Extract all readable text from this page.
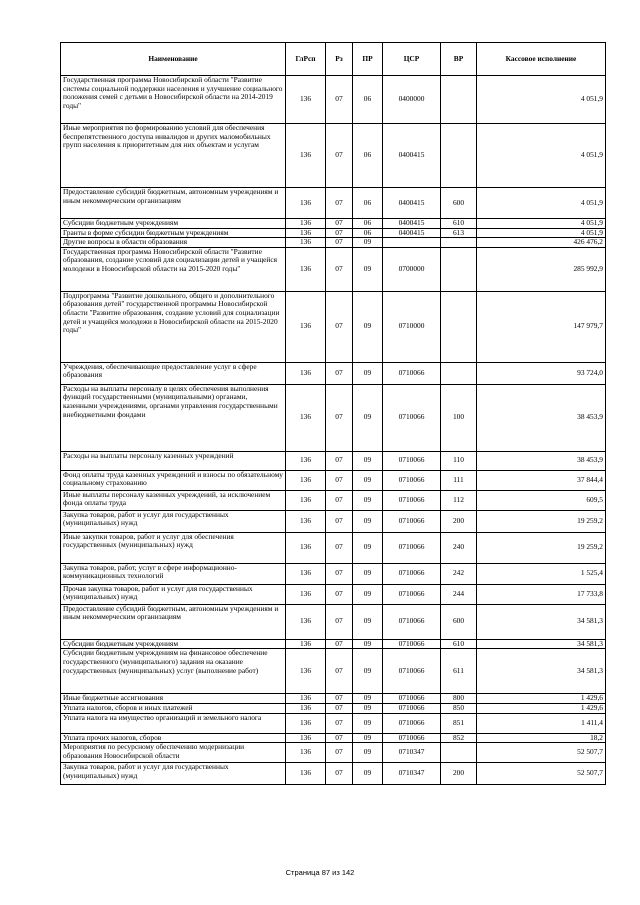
Наименование	ГлРсп	Рз	ПР	ЦСР	ВР	Кассовое исполнение
Государственная программа Новосибирской области "Развитие системы социальной поддержки населения и улучшение социального положения семей с детьми в Новосибирской области на 2014-2019 годы"	136	07	06	0400000		4 051,9
Иные мероприятия по формированию условий для обеспечения беспрепятственного доступа инвалидов и других маломобильных групп населения к приоритетным для них объектам и услугам	136	07	06	0400415		4 051,9
Предоставление субсидий бюджетным, автономным учреждениям и иным некоммерческим организациям	136	07	06	0400415	600	4 051,9
Субсидии бюджетным учреждениям	136	07	06	0400415	610	4 051,9
Гранты в форме субсидии бюджетным учреждениям	136	07	06	0400415	613	4 051,9
Другие вопросы в области образования	136	07	09			426 476,2
Государственная программа Новосибирской области "Развитие образования, создание условий для социализации детей и учащейся молодежи в Новосибирской области на 2015-2020 годы"	136	07	09	0700000		285 992,9
Подпрограмма "Развитие дошкольного, общего и дополнительного образования детей" государственной программы Новосибирской области "Развитие образования, создание условий для социализации детей и учащейся молодежи в Новосибирской области на 2015-2020 годы"	136	07	09	0710000		147 979,7
Учреждения, обеспечивающие предоставление услуг в сфере образования	136	07	09	0710066		93 724,0
Расходы на выплаты персоналу в целях обеспечения выполнения функций государственными (муниципальными) органами, казенными учреждениями, органами управления государственными внебюджетными фондами	136	07	09	0710066	100	38 453,9
Расходы на выплаты персоналу казенных учреждений	136	07	09	0710066	110	38 453,9
Фонд оплаты труда казенных учреждений и взносы по обязательному социальному страхованию	136	07	09	0710066	111	37 844,4
Иные выплаты персоналу казенных учреждений, за исключением фонда оплаты труда	136	07	09	0710066	112	609,5
Закупка товаров, работ и услуг для государственных (муниципальных) нужд	136	07	09	0710066	200	19 259,2
Иные закупки товаров, работ и услуг для обеспечения государственных (муниципальных) нужд	136	07	09	0710066	240	19 259,2
Закупка товаров, работ, услуг в сфере информационно-коммуникационных технологий	136	07	09	0710066	242	1 525,4
Прочая закупка товаров, работ и услуг для государственных (муниципальных) нужд	136	07	09	0710066	244	17 733,8
Предоставление субсидий бюджетным, автономным учреждениям и иным некоммерческим организациям	136	07	09	0710066	600	34 581,3
Субсидии бюджетным учреждениям	136	07	09	0710066	610	34 581,3
Субсидии бюджетным учреждениям на финансовое обеспечение государственного (муниципального) задания на оказание государственных (муниципальных) услуг (выполнение работ)	136	07	09	0710066	611	34 581,3
Иные бюджетные ассигнования	136	07	09	0710066	800	1 429,6
Уплата налогов, сборов и иных платежей	136	07	09	0710066	850	1 429,6
Уплата налога на имущество организаций и земельного налога	136	07	09	0710066	851	1 411,4
Уплата прочих налогов, сборов	136	07	09	0710066	852	18,2
Мероприятия по ресурсному обеспечению модернизации образования Новосибирской области	136	07	09	0710347		52 507,7
Закупка товаров, работ и услуг для государственных (муниципальных) нужд	136	07	09	0710347	200	52 507,7
Страница 87 из 142
